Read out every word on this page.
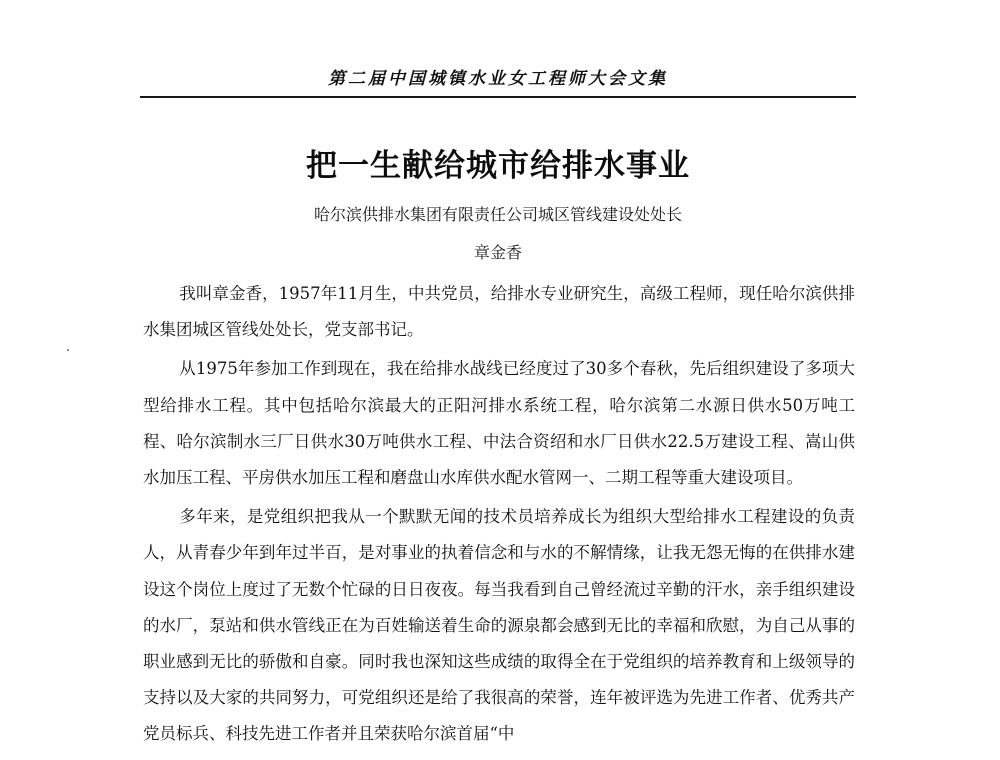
第二届中国城镇水业女工程师大会文集
把一生献给城市给排水事业
哈尔滨供排水集团有限责任公司城区管线建设处处长
章金香

我叫章金香，1957年11月生，中共党员，给排水专业研究生，高级工程师，现任哈尔滨供排水集团城区管线处处长，党支部书记。

从1975年参加工作到现在，我在给排水战线已经度过了30多个春秋，先后组织建设了多项大型给排水工程。其中包括哈尔滨最大的正阳河排水系统工程，哈尔滨第二水源日供水50万吨工程、哈尔滨制水三厂日供水30万吨供水工程、中法合资绍和水厂日供水22.5万建设工程、嵩山供水加压工程、平房供水加压工程和磨盘山水库供水配水管网一、二期工程等重大建设项目。

多年来，是党组织把我从一个默默无闻的技术员培养成长为组织大型给排水工程建设的负责人，从青春少年到年过半百，是对事业的执着信念和与水的不解情缘，让我无怨无悔的在供排水建设这个岗位上度过了无数个忙碌的日日夜夜。每当我看到自己曾经流过辛勤的汗水，亲手组织建设的水厂，泵站和供水管线正在为百姓输送着生命的源泉都会感到无比的幸福和欣慰，为自己从事的职业感到无比的骄傲和自豪。同时我也深知这些成绩的取得全在于党组织的培养教育和上级领导的支持以及大家的共同努力，可党组织还是给了我很高的荣誉，连年被评选为先进工作者、优秀共产党员标兵、科技先进工作者并且荣获哈尔滨首届“中
